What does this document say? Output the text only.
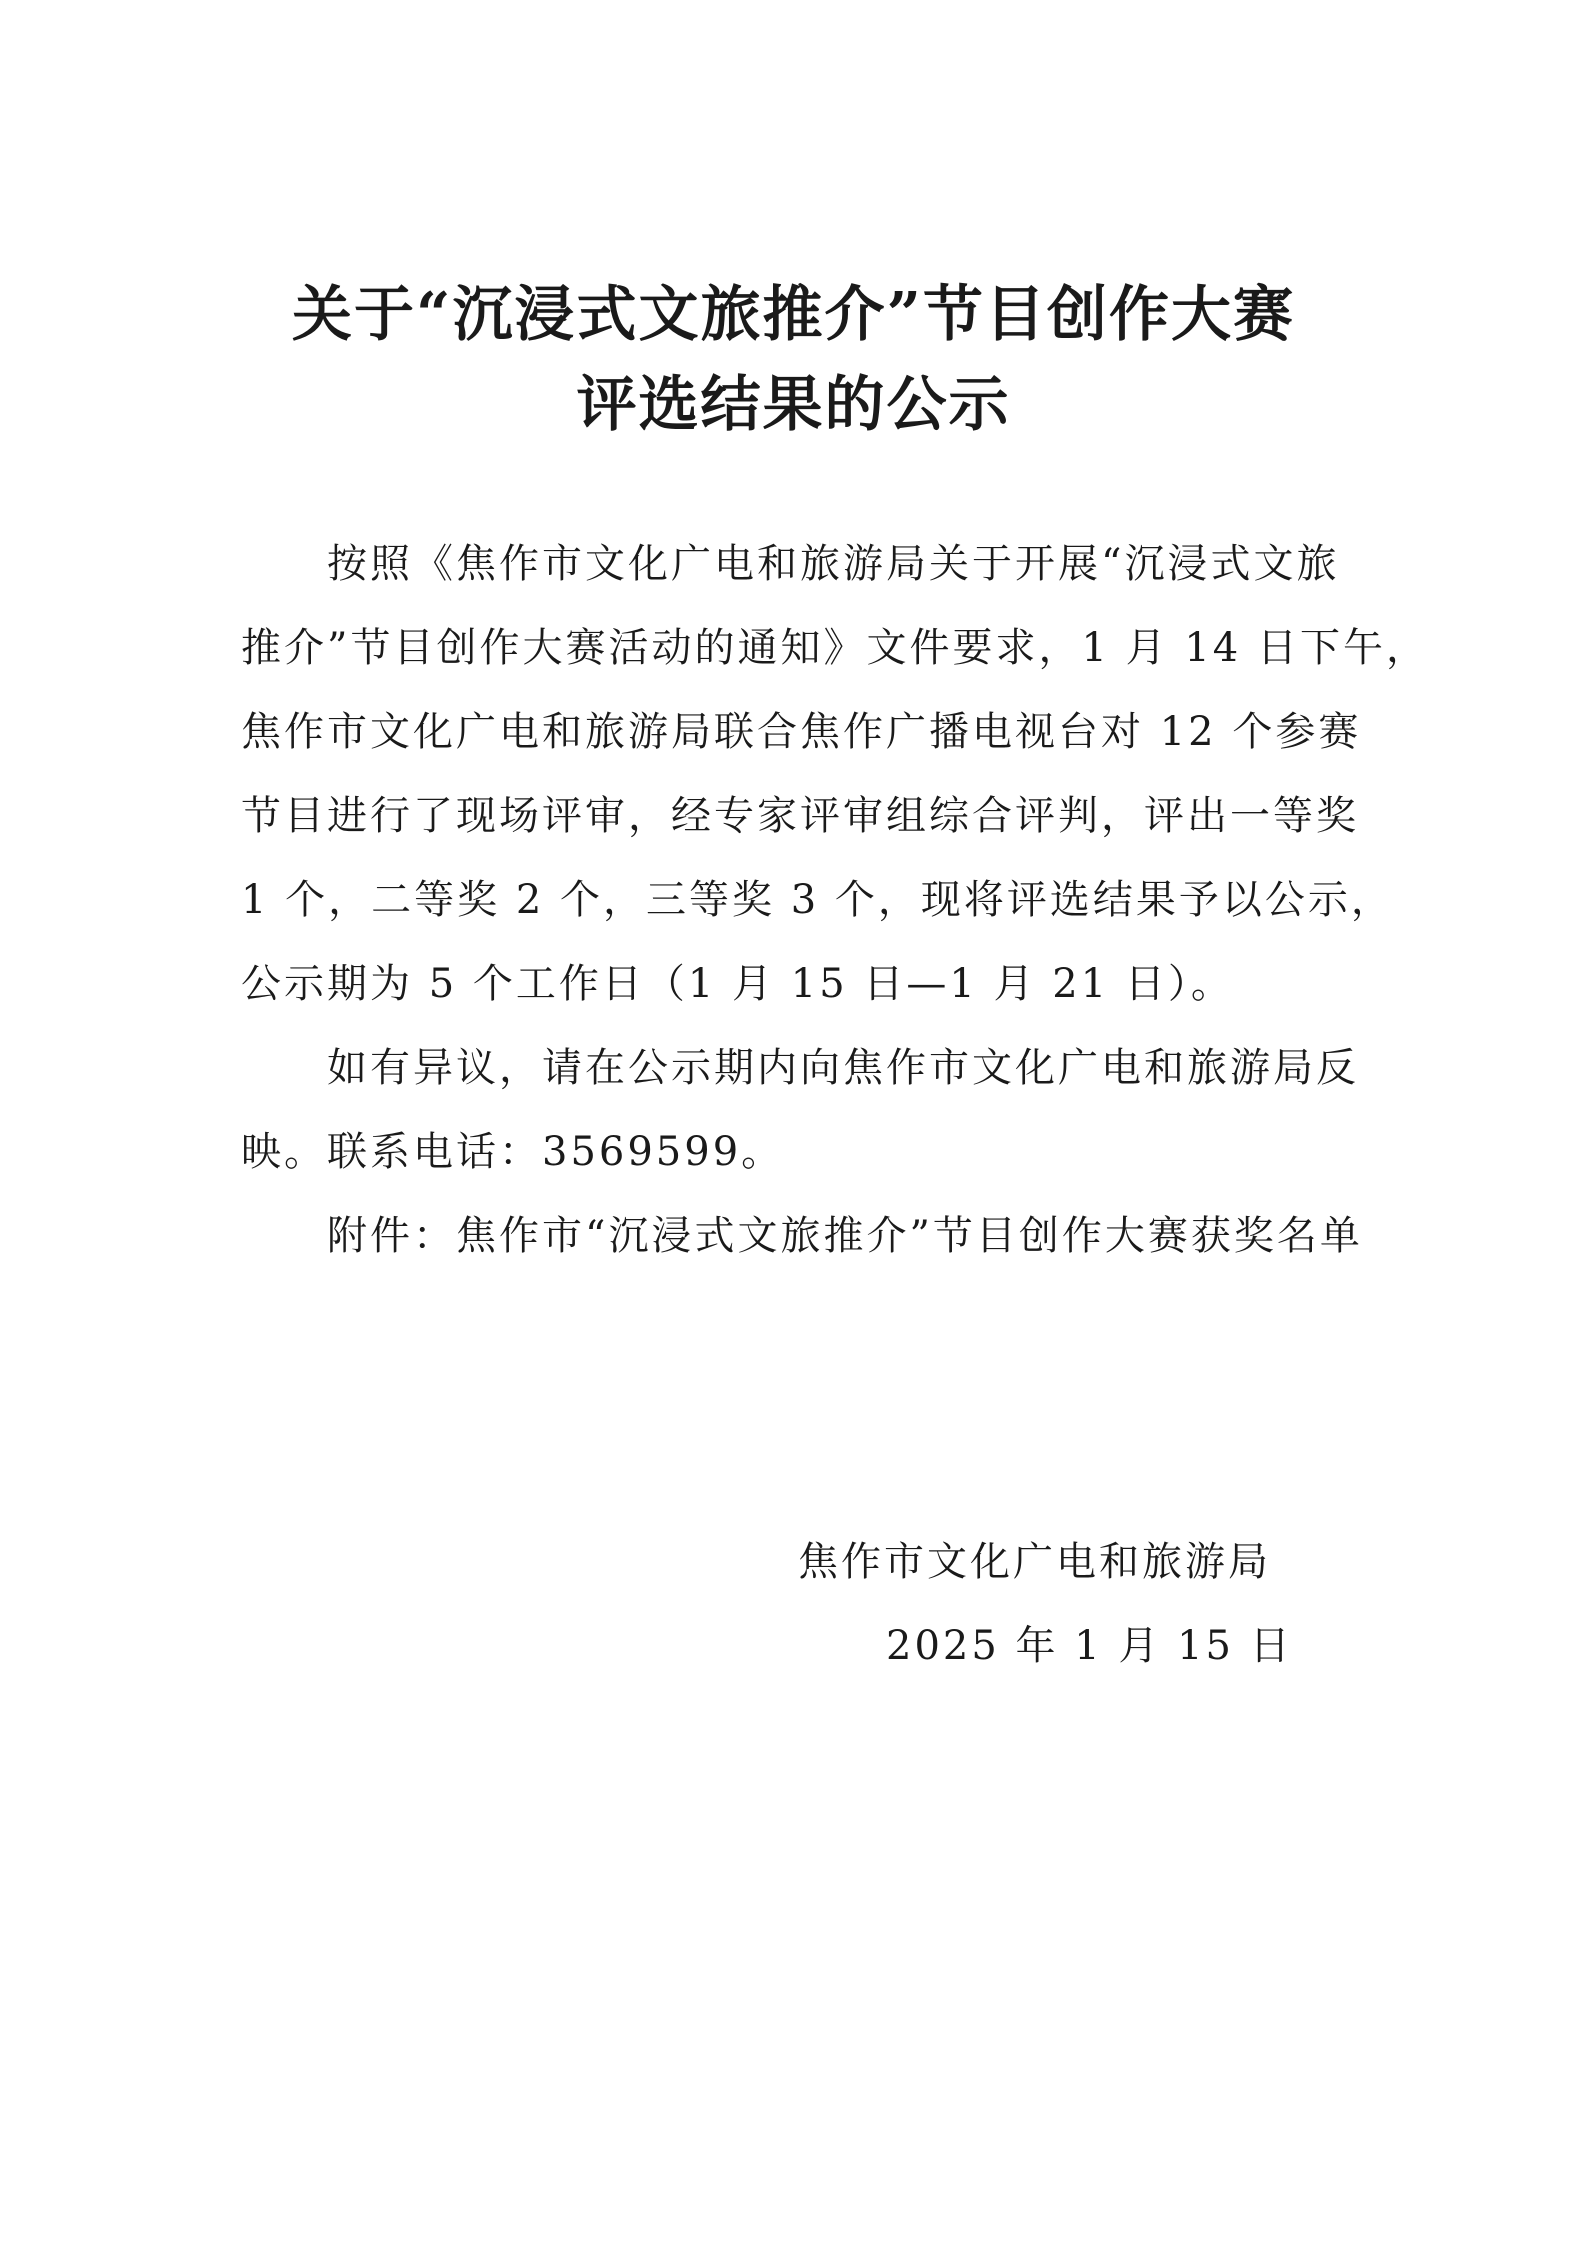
关于“沉浸式文旅推介”节目创作大赛
评选结果的公示
按照《焦作市文化广电和旅游局关于开展“沉浸式文旅
推介”节目创作大赛活动的通知》文件要求，1 月 14 日下午，
焦作市文化广电和旅游局联合焦作广播电视台对 12 个参赛
节目进行了现场评审，经专家评审组综合评判，评出一等奖
1 个，二等奖 2 个，三等奖 3 个，现将评选结果予以公示，
公示期为 5 个工作日（1 月 15 日—1 月 21 日）。
如有异议，请在公示期内向焦作市文化广电和旅游局反
映。联系电话：3569599。
附件：焦作市“沉浸式文旅推介”节目创作大赛获奖名单
焦作市文化广电和旅游局
2025 年 1 月 15 日
